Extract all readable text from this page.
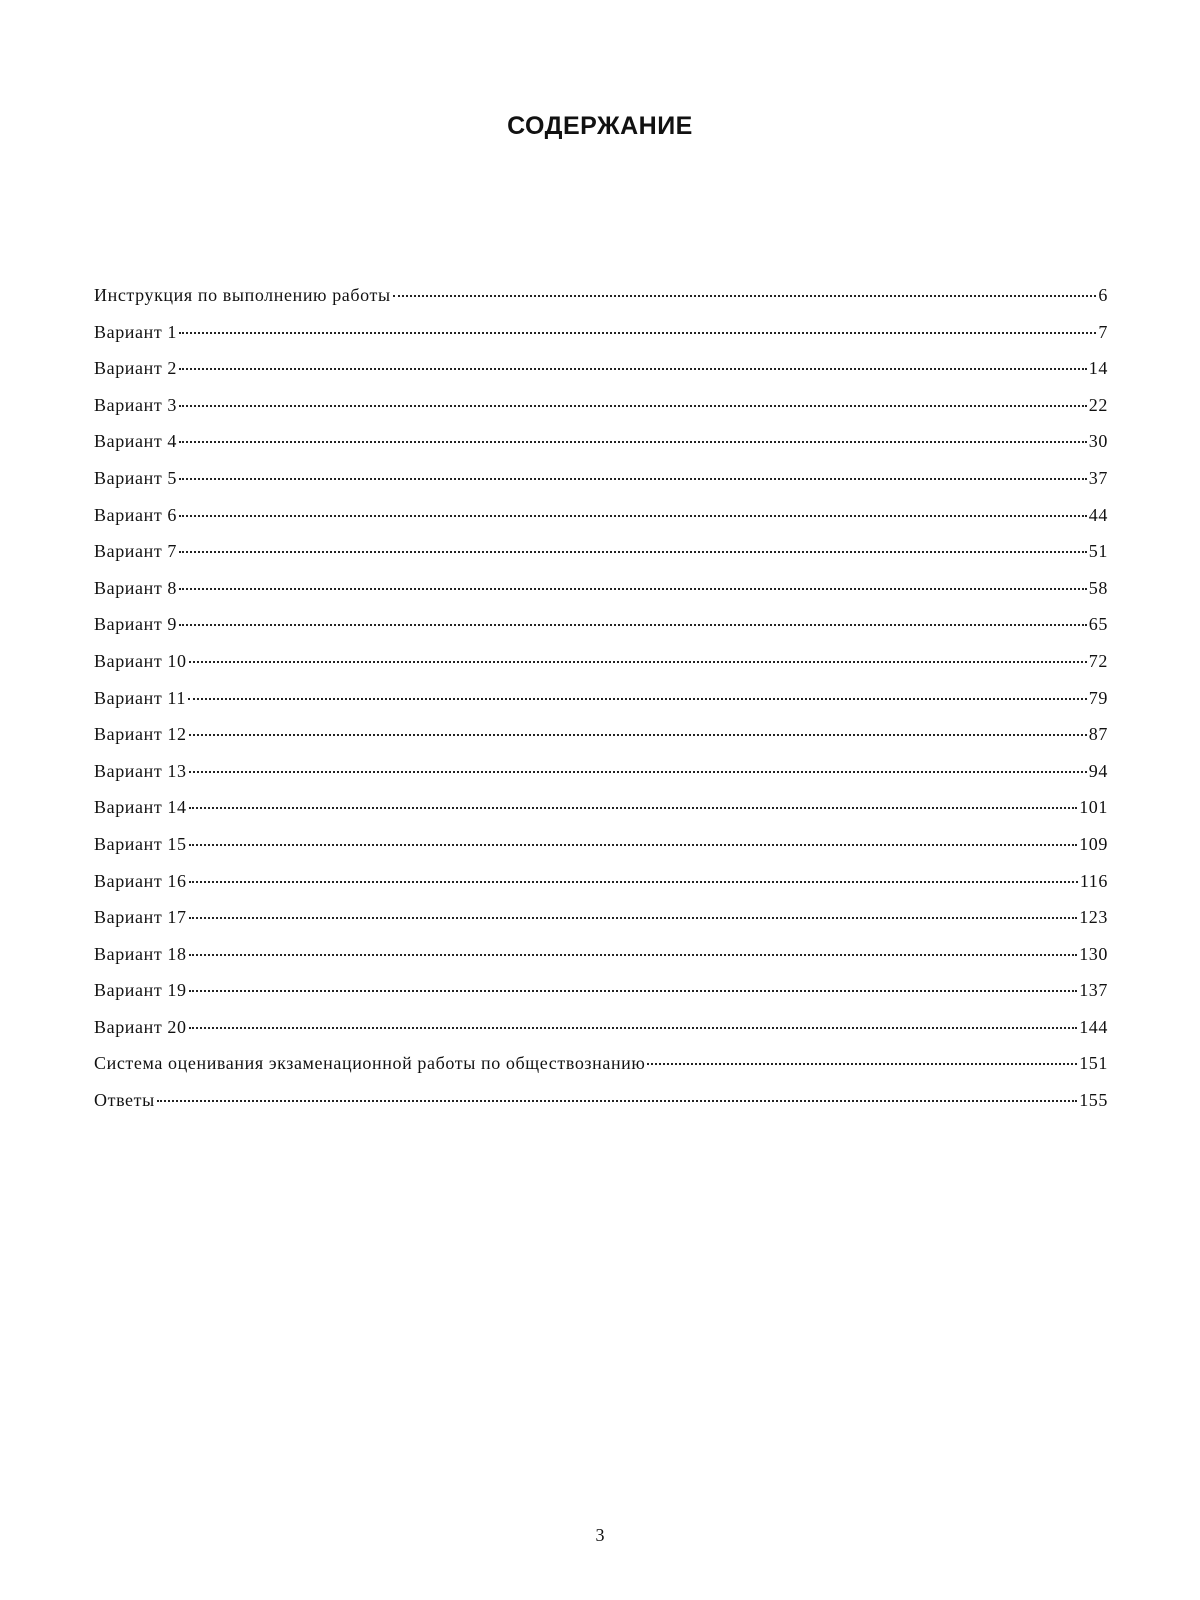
СОДЕРЖАНИЕ
Инструкция по выполнению работы	6
Вариант 1	7
Вариант 2	14
Вариант 3	22
Вариант 4	30
Вариант 5	37
Вариант 6	44
Вариант 7	51
Вариант 8	58
Вариант 9	65
Вариант 10	72
Вариант 11	79
Вариант 12	87
Вариант 13	94
Вариант 14	101
Вариант 15	109
Вариант 16	116
Вариант 17	123
Вариант 18	130
Вариант 19	137
Вариант 20	144
Система оценивания экзаменационной работы по обществознанию	151
Ответы	155
3
